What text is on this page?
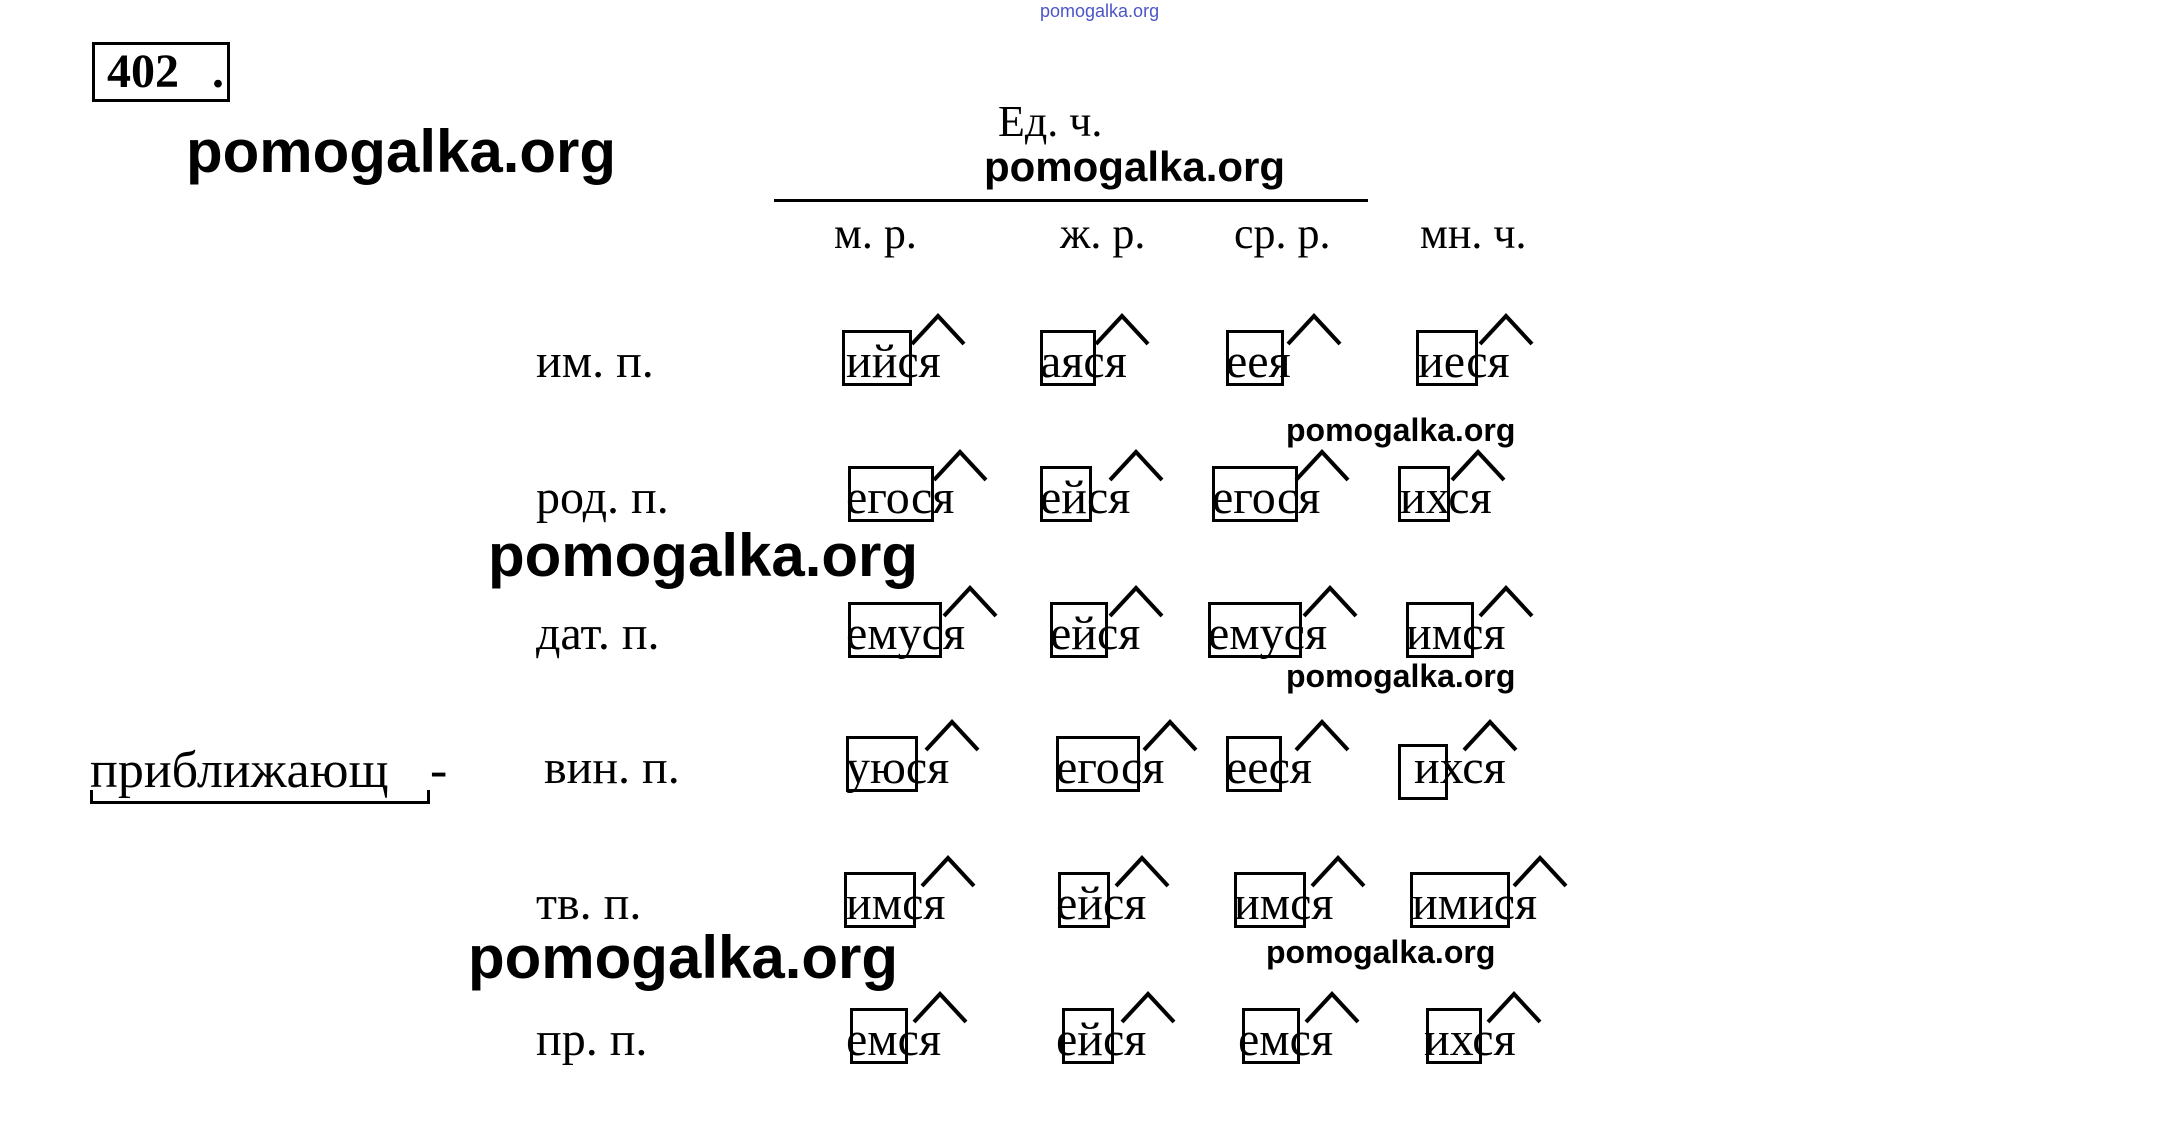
402 .
pomogalka.org
pomogalka.org	pomogalka.org
pomogalka.org
pomogalka.org
pomogalka.org
pomogalka.org	pomogalka.org
Ед. ч.
м. р.	ж. р. ср. р. мн. ч.
приближающ -
им. п.	ийся аяся еея	иеся
род. п.	егося ейся егося ихся
дат. п.	емуся ейся емуся имся
вин. п.	уюся егося еeся ихся
тв. п.	имся ейся имся имися
пр. п.	емся ейся емся ихся
